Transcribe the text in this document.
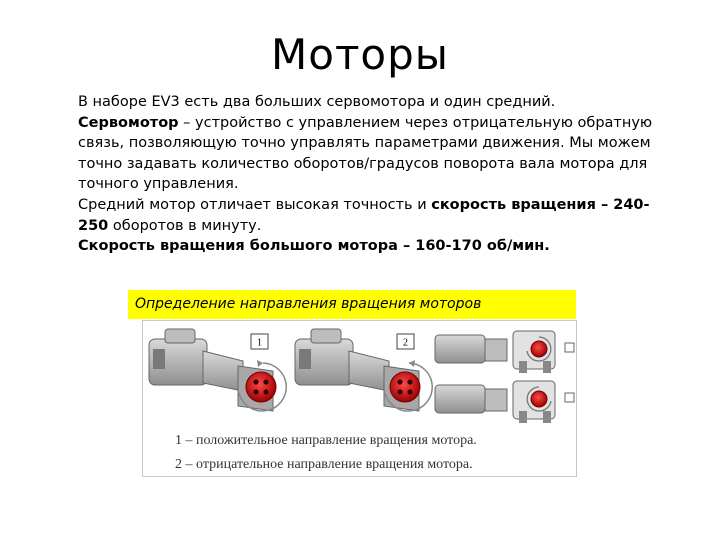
Моторы

В наборе EV3 есть два больших сервомотора и один средний.

Сервомотор – устройство с управлением через отрицательную обратную связь, позволяющую точно управлять параметрами движения. Мы можем точно задавать количество оборотов/градусов поворота вала мотора для точного управления.

Средний мотор отличает высокая точность и скорость вращения – 240-250 оборотов в минуту.

Скорость вращения большого мотора – 160-170 об/мин.

Определение направления вращения моторов
1	2
1 – положительное направление вращения мотора.
2 – отрицательное направление вращения мотора.
